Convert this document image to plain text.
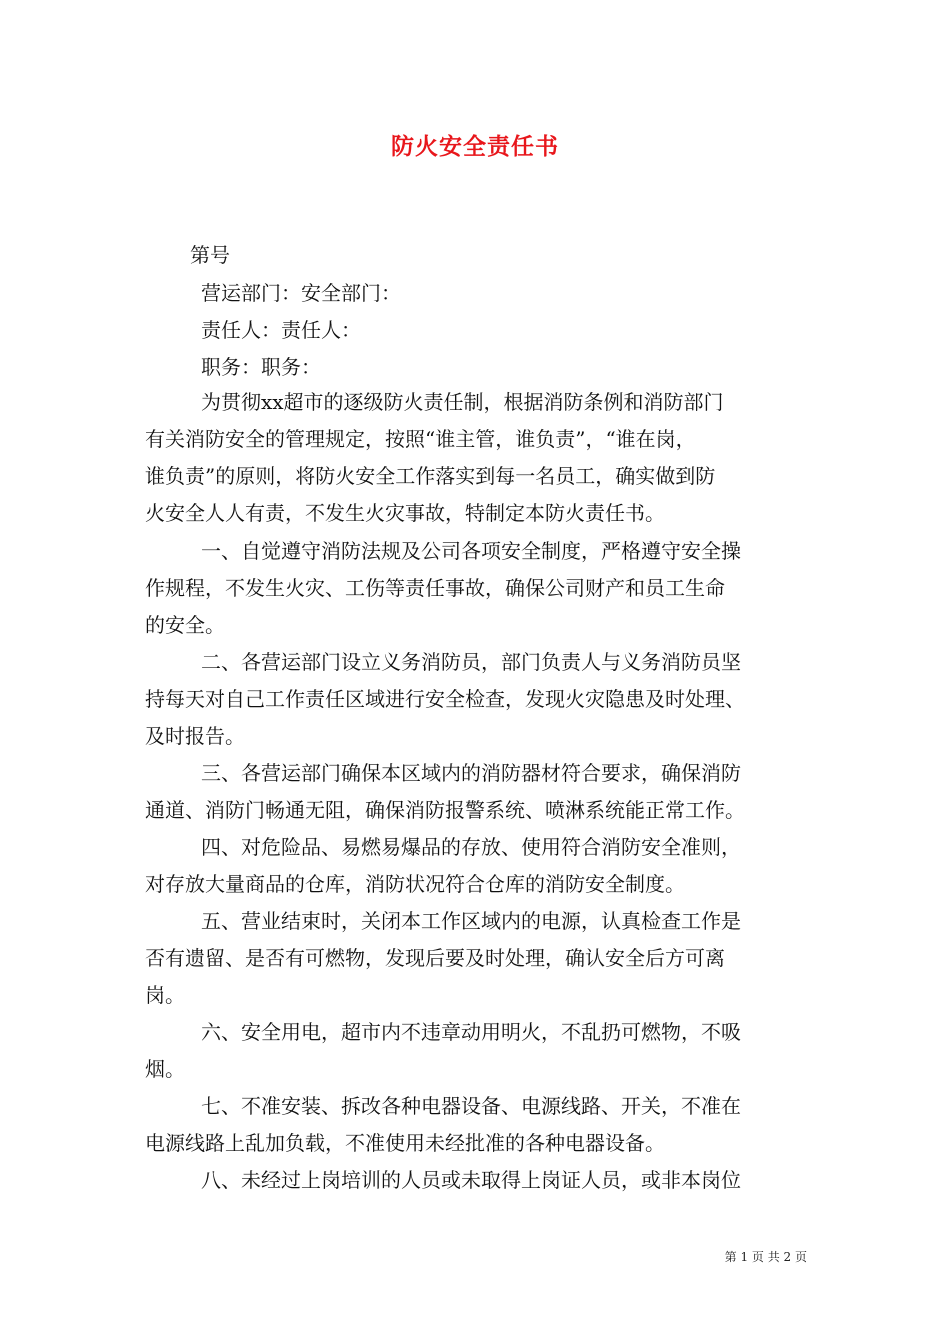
防火安全责任书
第号
营运部门：安全部门：
责任人：责任人：
职务：职务：
为贯彻xx超市的逐级防火责任制，根据消防条例和消防部门
有关消防安全的管理规定，按照“谁主管，谁负责”，“谁在岗，
谁负责”的原则，将防火安全工作落实到每一名员工，确实做到防
火安全人人有责，不发生火灾事故，特制定本防火责任书。
一、自觉遵守消防法规及公司各项安全制度，严格遵守安全操
作规程，不发生火灾、工伤等责任事故，确保公司财产和员工生命
的安全。
二、各营运部门设立义务消防员，部门负责人与义务消防员坚
持每天对自己工作责任区域进行安全检查，发现火灾隐患及时处理、
及时报告。
三、各营运部门确保本区域内的消防器材符合要求，确保消防
通道、消防门畅通无阻，确保消防报警系统、喷淋系统能正常工作。
四、对危险品、易燃易爆品的存放、使用符合消防安全准则，
对存放大量商品的仓库，消防状况符合仓库的消防安全制度。
五、营业结束时，关闭本工作区域内的电源，认真检查工作是
否有遗留、是否有可燃物，发现后要及时处理，确认安全后方可离
岗。
六、安全用电，超市内不违章动用明火，不乱扔可燃物，不吸
烟。
七、不准安装、拆改各种电器设备、电源线路、开关，不准在
电源线路上乱加负载，不准使用未经批准的各种电器设备。
八、未经过上岗培训的人员或未取得上岗证人员，或非本岗位
第 1 页 共 2 页
